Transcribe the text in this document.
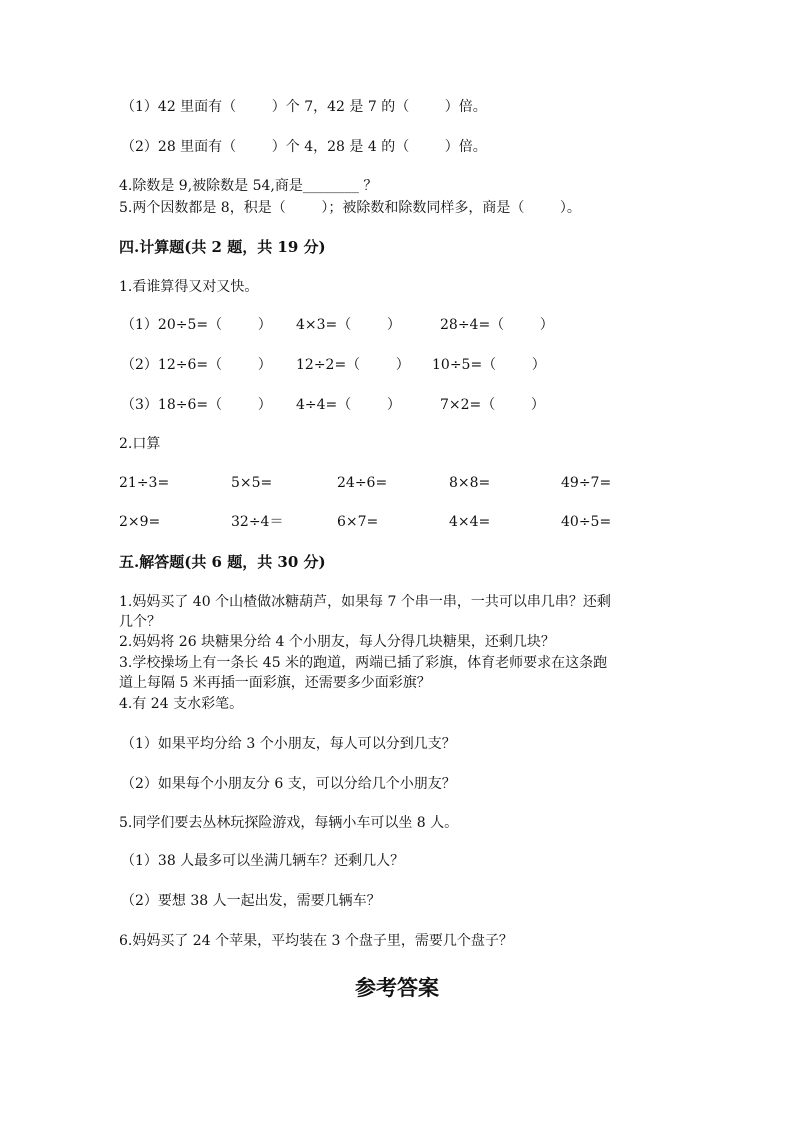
（1）42 里面有（        ）个 7，42 是 7 的（        ）倍。
（2）28 里面有（        ）个 4，28 是 4 的（        ）倍。
4.除数是 9,被除数是 54,商是________ ？
5.两个因数都是 8，积是（        ）；被除数和除数同样多，商是（        ）。
四.计算题(共 2 题，共 19 分)
1.看谁算得又对又快。
（1）20÷5=（        ） 4×3=（        ）	28÷4=（        ）
（2）12÷6=（        ） 12÷2=（        ） 10÷5=（        ）
（3）18÷6=（        ） 4÷4=（        ）	7×2=（        ）
2.口算
21÷3=	5×5=	24÷6=	8×8=	49÷7=
2×9=	32÷4＝	6×7=	4×4=	40÷5=
五.解答题(共 6 题，共 30 分)
1.妈妈买了 40 个山楂做冰糖葫芦，如果每 7 个串一串，一共可以串几串？还剩
几个？
2.妈妈将 26 块糖果分给 4 个小朋友，每人分得几块糖果，还剩几块？
3.学校操场上有一条长 45 米的跑道，两端已插了彩旗，体育老师要求在这条跑
道上每隔 5 米再插一面彩旗，还需要多少面彩旗？
4.有 24 支水彩笔。
（1）如果平均分给 3 个小朋友，每人可以分到几支？
（2）如果每个小朋友分 6 支，可以分给几个小朋友？
5.同学们要去丛林玩探险游戏，每辆小车可以坐 8 人。
（1）38 人最多可以坐满几辆车？还剩几人？
（2）要想 38 人一起出发，需要几辆车？
6.妈妈买了 24 个苹果，平均装在 3 个盘子里，需要几个盘子？
参考答案
